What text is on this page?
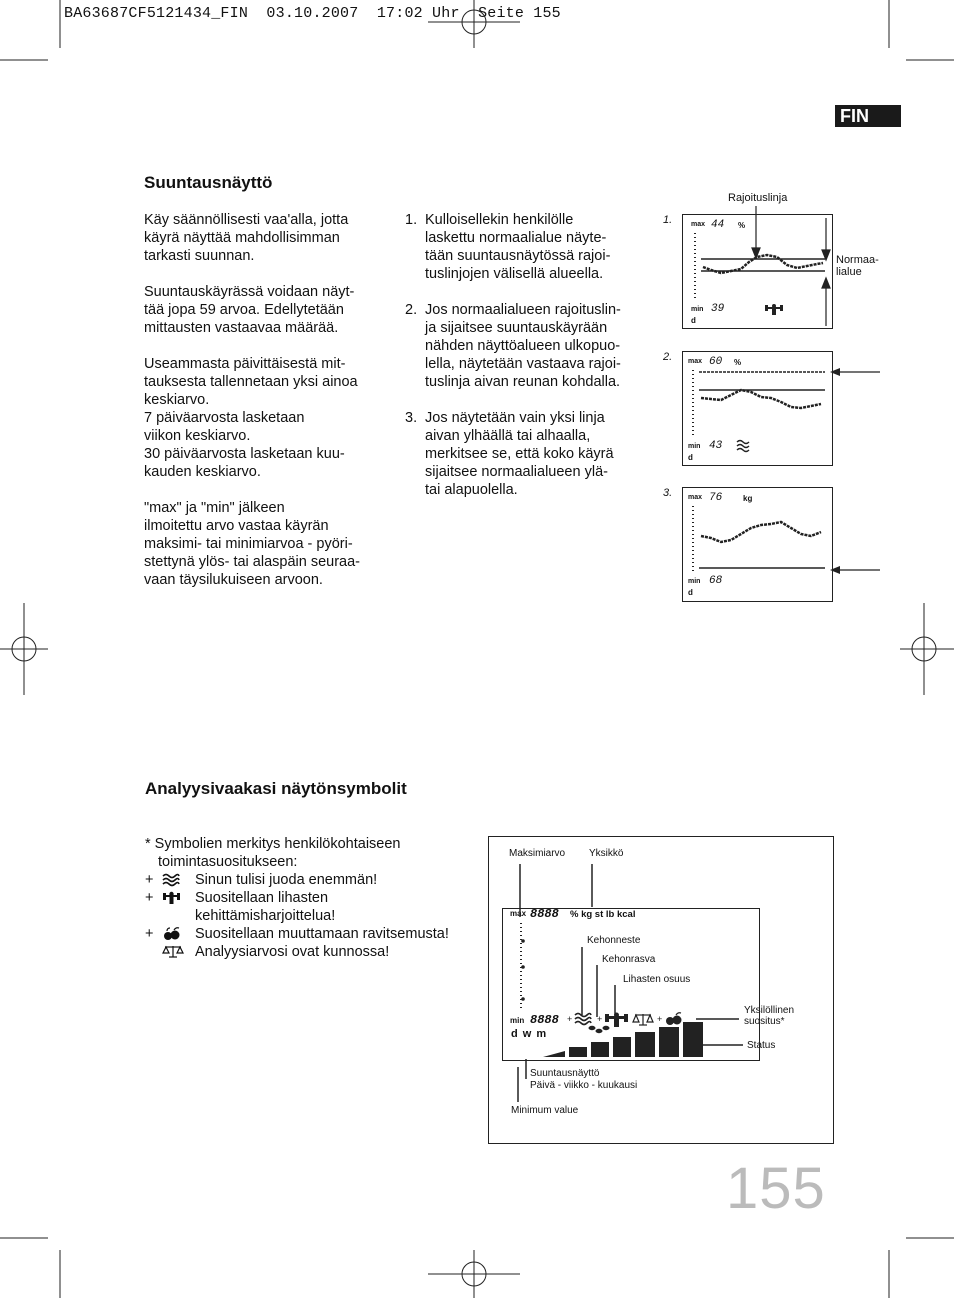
BA63687CF5121434_FIN  03.10.2007  17:02 Uhr  Seite 155
FIN
Suuntausnäyttö
Käy säännöllisesti vaa'alla, jotta
käyrä näyttää mahdollisimman
tarkasti suunnan.
Suuntauskäyrässä voidaan näyt-
tää jopa 59 arvoa. Edellytetään
mittausten vastaavaa määrää.
Useammasta päivittäisestä mit-
tauksesta tallennetaan yksi ainoa
keskiarvo.
7 päiväarvosta lasketaan
viikon keskiarvo.
30 päiväarvosta lasketaan kuu-
kauden keskiarvo.
"max" ja "min" jälkeen
ilmoitettu arvo vastaa käyrän
maksimi- tai minimiarvoa - pyöri-
stettynä ylös- tai alaspäin seuraa-
vaan täysilukuiseen arvoon.
1. Kulloisellekin henkilölle
laskettu normaalialue näyte-
tään suuntausnäytössä rajoi-
tuslinjojen välisellä alueella.
2. Jos normaalialueen rajoituslin-
ja sijaitsee suuntauskäyrään
nähden näyttöalueen ulkopuo-
lella, näytetään vastaava rajoi-
tuslinja aivan reunan kohdalla.
3. Jos näytetään vain yksi linja
aivan ylhäällä tai alhaalla,
merkitsee se, että koko käyrä
sijaitsee normaalialueen ylä-
tai alapuolella.
Rajoituslinja
Normaa-
lialue
1.	max 44 %
min 39
d
2. max 60 %
min 43
d
3. max 76	kg
min 68
d
Analyysivaakasi näytönsymbolit
* Symbolien merkitys henkilökohtaiseen
toimintasuositukseen:
+	Sinun tulisi juoda enemmän!
+	Suositellaan lihasten
kehittämisharjoittelua!
+	Suositellaan muuttamaan ravitsemusta!
Analyysiarvosi ovat kunnossa!
Maksimiarvo Yksikkö
Kehonneste
Kehonrasva
Lihasten osuus
Yksilöllinen
suositus*
Status
Suuntausnäyttö
Päivä - viikko - kuukausi
Minimum value
max 8888 % kg st lb kcal
min 8888
d w m
+	+	+
155
